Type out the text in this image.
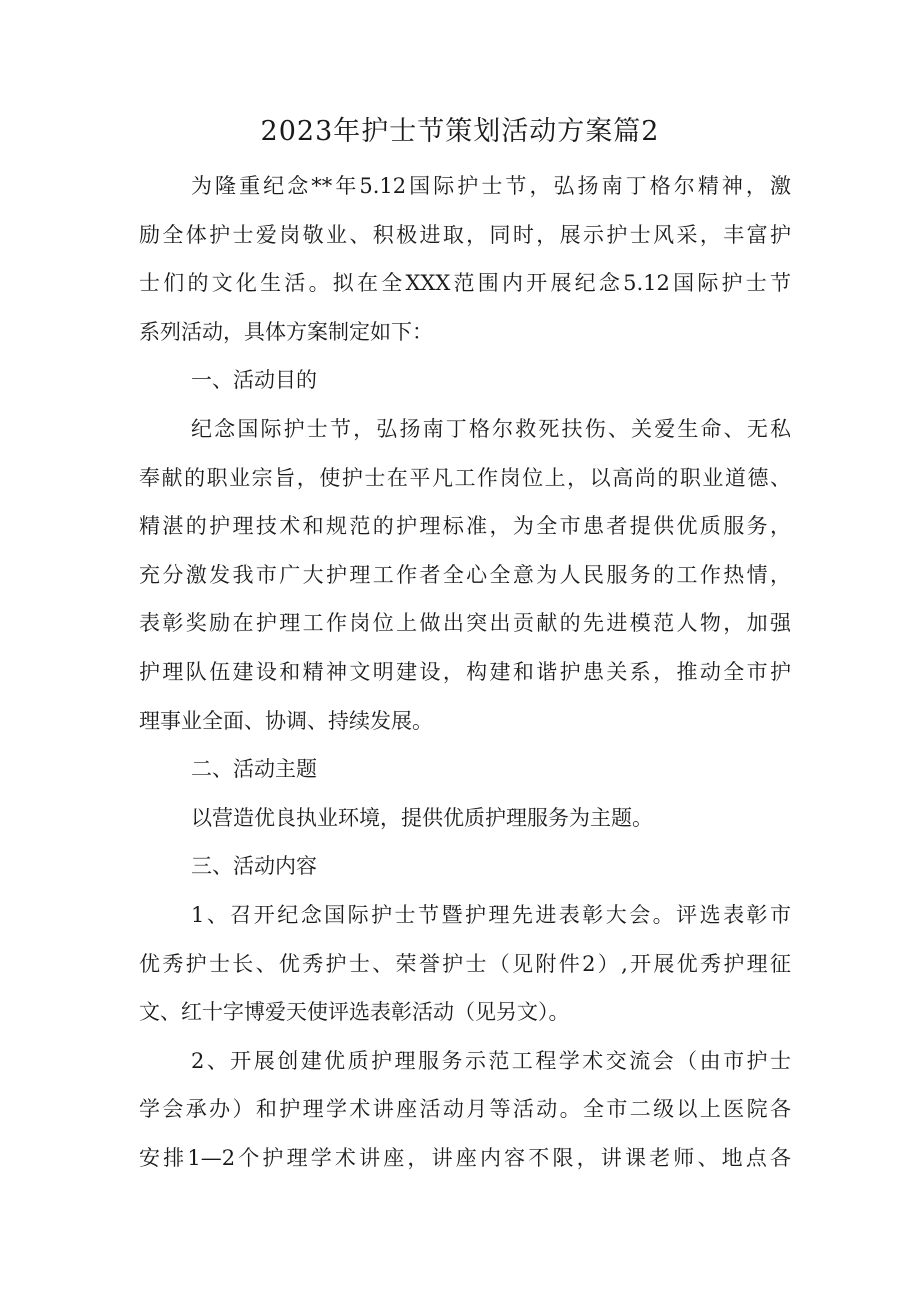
2023年护士节策划活动方案篇2
为隆重纪念**年5.12国际护士节，弘扬南丁格尔精神，激
励全体护士爱岗敬业、积极进取，同时，展示护士风采，丰富护
士们的文化生活。拟在全XXX范围内开展纪念5.12国际护士节
系列活动，具体方案制定如下：
一、活动目的
纪念国际护士节，弘扬南丁格尔救死扶伤、关爱生命、无私
奉献的职业宗旨，使护士在平凡工作岗位上，以高尚的职业道德、
精湛的护理技术和规范的护理标准，为全市患者提供优质服务，
充分激发我市广大护理工作者全心全意为人民服务的工作热情，
表彰奖励在护理工作岗位上做出突出贡献的先进模范人物，加强
护理队伍建设和精神文明建设，构建和谐护患关系，推动全市护
理事业全面、协调、持续发展。
二、活动主题
以营造优良执业环境，提供优质护理服务为主题。
三、活动内容
1、召开纪念国际护士节暨护理先进表彰大会。评选表彰市
优秀护士长、优秀护士、荣誉护士（见附件2）,开展优秀护理征
文、红十字博爱天使评选表彰活动（见另文）。
2、开展创建优质护理服务示范工程学术交流会（由市护士
学会承办）和护理学术讲座活动月等活动。全市二级以上医院各
安排1—2个护理学术讲座，讲座内容不限，讲课老师、地点各
